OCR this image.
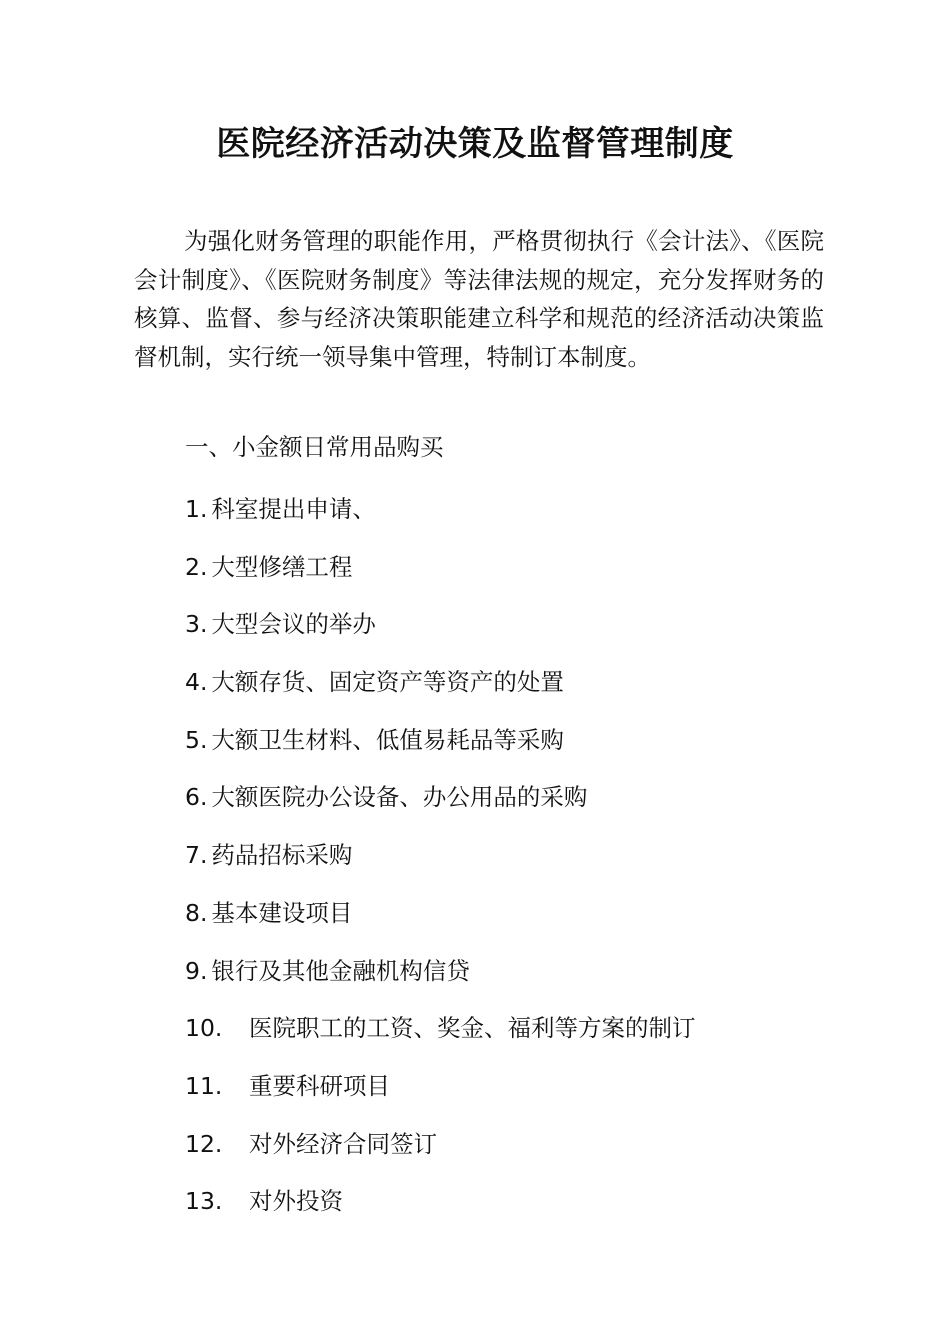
医院经济活动决策及监督管理制度

为强化财务管理的职能作用，严格贯彻执行《会计法》、《医院会计制度》、《医院财务制度》等法律法规的规定，充分发挥财务的核算、监督、参与经济决策职能建立科学和规范的经济活动决策监督机制，实行统一领导集中管理，特制订本制度。

一、小金额日常用品购买

1. 科室提出申请、
2. 大型修缮工程
3. 大型会议的举办
4. 大额存货、固定资产等资产的处置
5. 大额卫生材料、低值易耗品等采购
6. 大额医院办公设备、办公用品的采购
7. 药品招标采购
8. 基本建设项目
9. 银行及其他金融机构信贷
10.	医院职工的工资、奖金、福利等方案的制订
11.	重要科研项目
12.	对外经济合同签订
13.	对外投资
